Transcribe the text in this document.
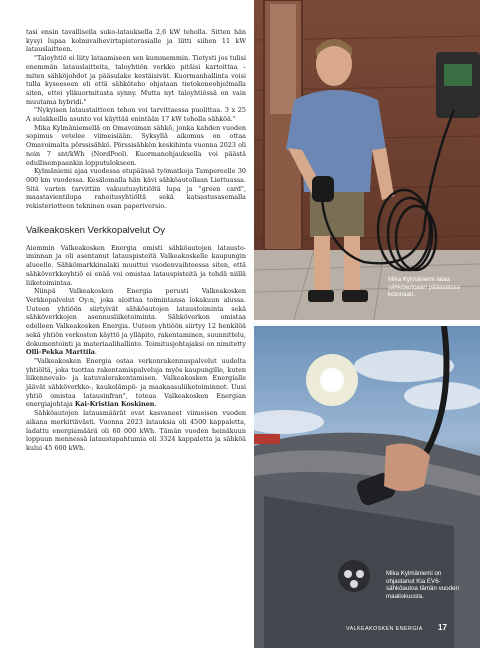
tasi ensin tavallisella suko-latauksella 2,6 kW teholla. Sitten hän kysyi lupaa kolmivaihevirtapistorasialle ja liitti siihen 11 kW latauslaitteen.

"Taloyhtiö ei liity lataamiseen sen kummemmin. Tietysti jos tulisi enemmän latauslaitteita, taloyhtiön verkko pitäisi kartoittaa – miten sähköjohdot ja pääsulake kestäisivät. Kuormanhallinta voisi tulla kyseeseen eli että sähköteho ohjataan tietokoneohjelmalla siten, ettei ylikuormitusta synny. Mutta nyt taloyhtiössä on vain muutama hybridi."

"Nykyisen lataustaitteen tehon voi tarvittaessa puolittaa. 3 x 25 A sulakkeilla asunto voi käyttää enintään 17 kW teholla sähköä."

Mika Kylmäniemellä on Omavoiman sähkö, jonka kahden vuoden sopimus vetelee viimeisiään. Syksyllä aikomus on ottaa Omavoimalta pörssisähkö. Pörssisähkön keskihinta vuonna 2023 oli noin 7 snt/kWh (NordPool). Kuormanohjauksella voi päästä edullisempaankin lopputulokseen.

Kylmäniemi ajaa vuodessa etupäässä työmatkoja Tampereelle 30 000 km vuodessa. Kesälomalla hän kävi sähköautollaan Liettuassa. Sitä varten tarvittiin vakuutusyhtiöltä lupa ja "green card", maastavientilupa rahoitusyhtiöltä sekä katsastusasemalla rekisteriotteen tekninen osan paperiversio.

Valkeakosken Verkkopalvelut Oy

Aiemmin Valkeakosken Energia omisti sähköautojen lataustoiminnan ja oli asentanut latauspisteitä Valkeakoskelle kaupungin alueelle. Sähkömarkkinalaki muuttui vuodenvaihteessa siten, että sähköverkkoyhtiö ei enää voi omistaa latauspisteitä ja tehdä niillä liiketoimintaa.

Niinpä Valkeakosken Energia perusti Valkeakosken Verkkopalvelut Oy:n, joka aloittaa toimintansa lokakuun alussa. Uuteen yhtiöön siirtyivät sähköautojen lataustoiminta sekä sähköverkkojen asennusliiketoiminta. Sähköverkon omistaa edelleen Valkeakosken Energia. Uuteen yhtiöön siirtyy 12 henkilöä sekä yhtiön verkoston käyttö ja ylläpito, rakentaminen, suunnittelu, dokumentointi ja materiaalihallinto. Toimitusjohtajaksi on nimitetty Olli-Pekka Marttila.

"Valkeakosken Energia ostaa verkonrakennuspalvelut uudelta yhtiöltä, joka tuottaa rakentamispalveluja myös kaupungille, kuten liikennevalo- ja katuvalorakentamisen. Valkeakosken Energialle jäävät sähköverkko-, kaukolämpö- ja maakaasuliiketoiminnot. Uusi yhtiö omistaa latausinfran", toteaa Valkeakosken Energian energiajohtaja Kai-Kristian Koskinen.

Sähköautojen latausmäärät ovat kasvaneet viimeisen vuoden aikana merkittävästi. Vuonna 2023 latauksia oli 4500 kappaletta, ladattu energiamäärä oli 60 000 kWh. Tämän vuoden heinäkuun loppuun mennessä lataustapahtumia oli 3324 kappaletta ja sähköä kului 45 600 kWh.

Mika Kylmäniemi lataa sähköautoaan pääasiassa kotonaan.
Mika Kylmäniemi on ohjastanut Kia EV6-sähköautoa tämän vuoden maaliskuusta.
VALKEAKOSKEN ENERGIA 17
